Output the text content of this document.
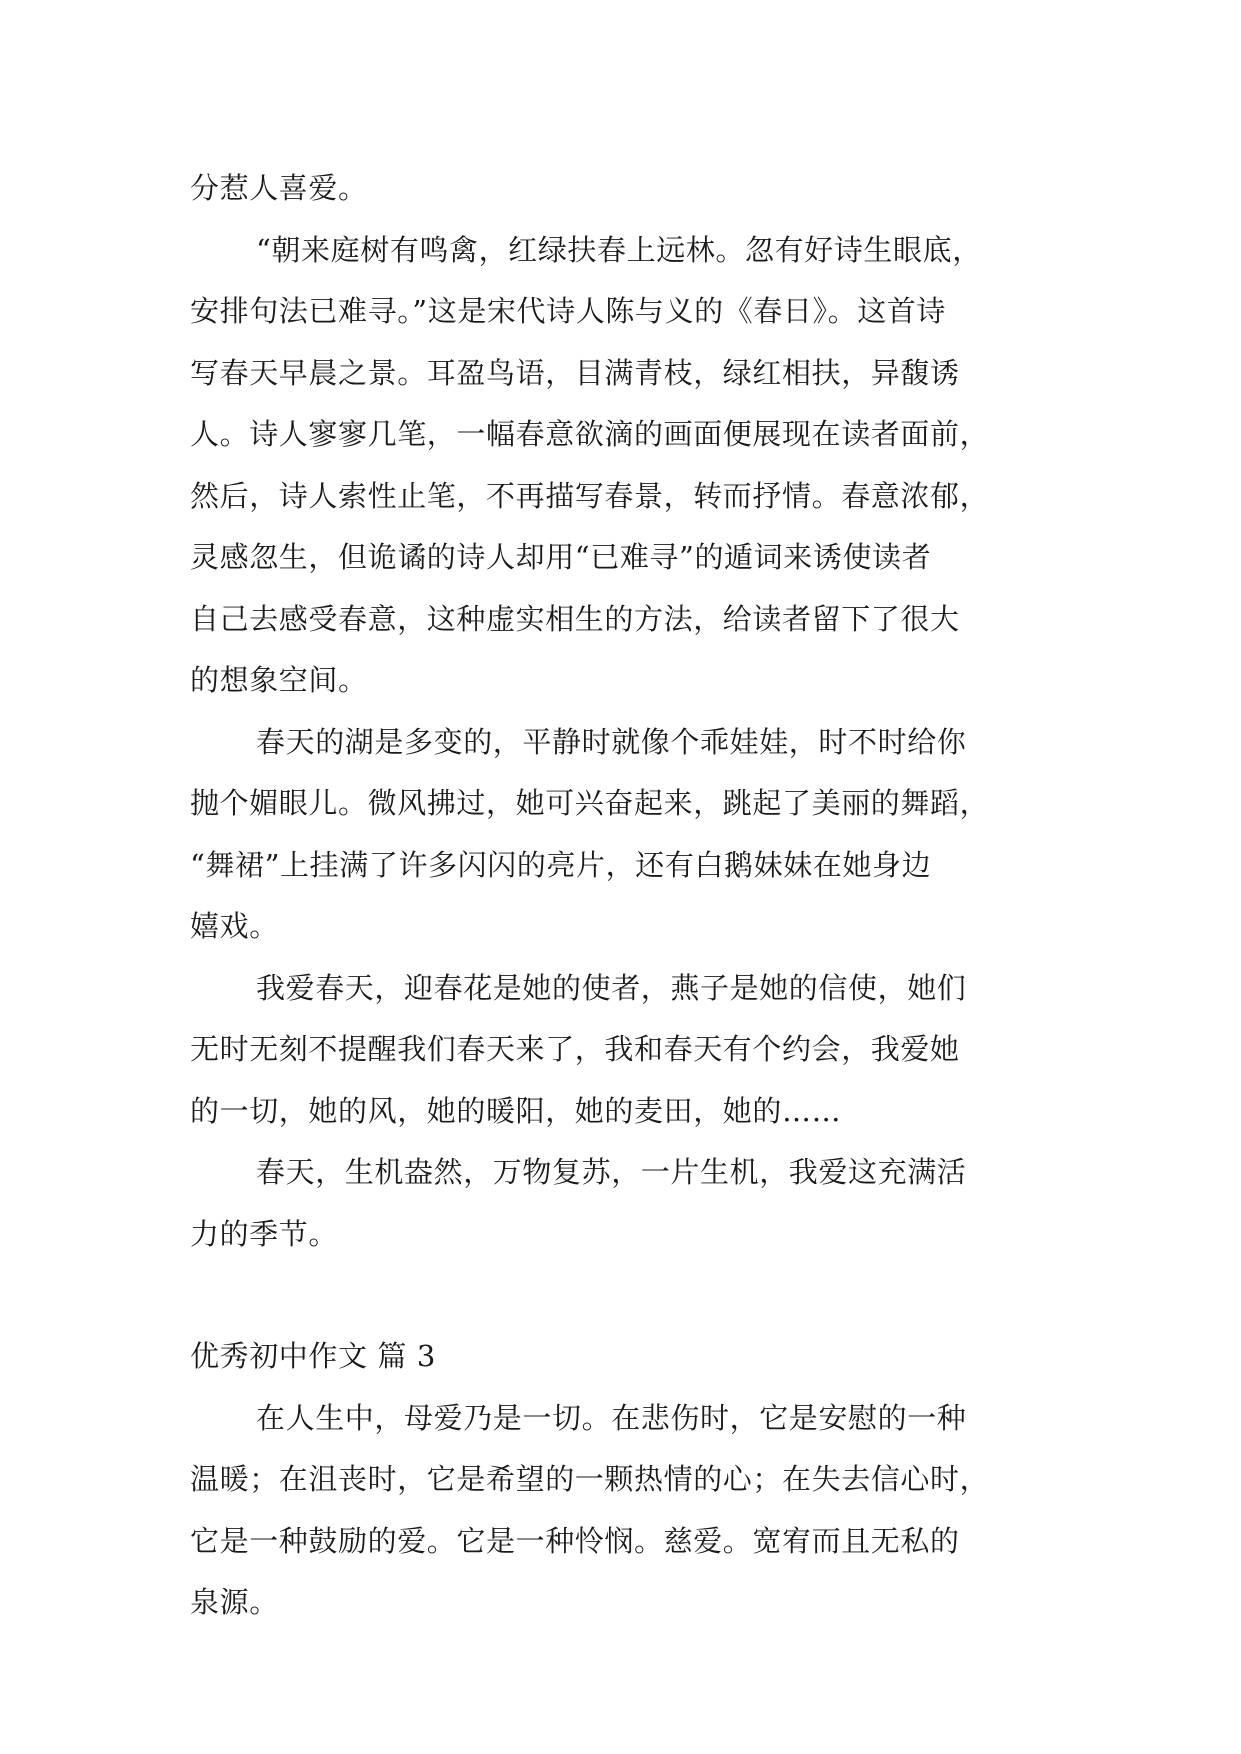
分惹人喜爱。
“朝来庭树有鸣禽，红绿扶春上远林。忽有好诗生眼底，
安排句法已难寻。”这是宋代诗人陈与义的《春日》。这首诗
写春天早晨之景。耳盈鸟语，目满青枝，绿红相扶，异馥诱
人。诗人寥寥几笔，一幅春意欲滴的画面便展现在读者面前，
然后，诗人索性止笔，不再描写春景，转而抒情。春意浓郁，
灵感忽生，但诡谲的诗人却用“已难寻”的遁词来诱使读者
自己去感受春意，这种虚实相生的方法，给读者留下了很大
的想象空间。
春天的湖是多变的，平静时就像个乖娃娃，时不时给你
抛个媚眼儿。微风拂过，她可兴奋起来，跳起了美丽的舞蹈，
“舞裙”上挂满了许多闪闪的亮片，还有白鹅妹妹在她身边
嬉戏。
我爱春天，迎春花是她的使者，燕子是她的信使，她们
无时无刻不提醒我们春天来了，我和春天有个约会，我爱她
的一切，她的风，她的暖阳，她的麦田，她的……
春天，生机盎然，万物复苏，一片生机，我爱这充满活
力的季节。
优秀初中作文 篇 3
在人生中，母爱乃是一切。在悲伤时，它是安慰的一种
温暖；在沮丧时，它是希望的一颗热情的心；在失去信心时，
它是一种鼓励的爱。它是一种怜悯。慈爱。宽宥而且无私的
泉源。
